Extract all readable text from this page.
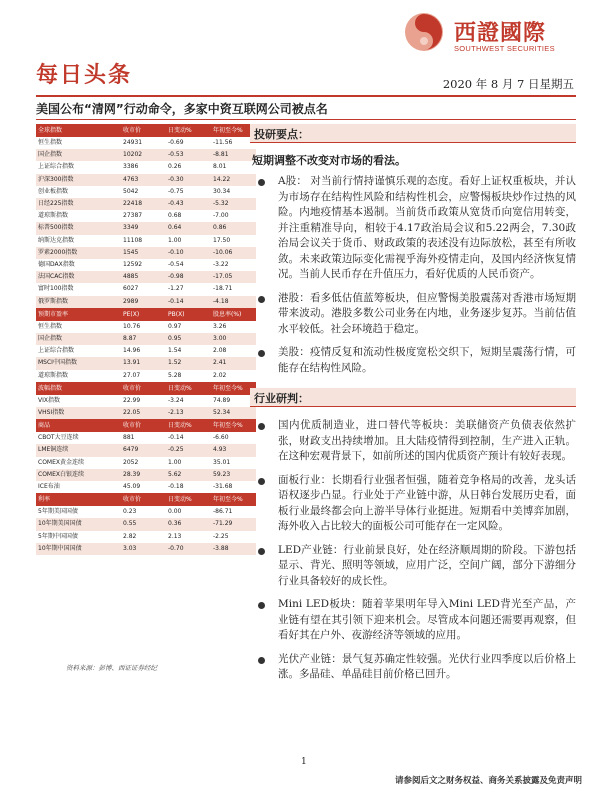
西證國際
SOUTHWEST SECURITIES
每日头条	2020 年 8 月 7 日星期五
美国公布“清网”行动命令，多家中资互联网公司被点名
全球指数	收市价	日变动%	年初至今%
恒生指数	24931	-0.69	-11.56
国企指数	10202	-0.53	-8.81
上证综合指数	3386	0.26	8.01
沪深300指数	4763	-0.30	14.22
创业板指数	5042	-0.75	30.34
日经225指数	22418	-0.43	-5.32
道琼斯指数	27387	0.68	-7.00
标普500指数	3349	0.64	0.86
纳斯达克指数	11108	1.00	17.50
罗素2000指数	1545	-0.10	-10.06
德国DAX指数	12592	-0.54	-3.22
法国CAC指数	4885	-0.98	-17.05
富时100指数	6027	-1.27	-18.71
俄罗斯指数	2989	-0.14	-4.18
预期市盈率	PE(X)	PB(X)	股息率(%)
恒生指数	10.76	0.97	3.26
国企指数	8.87	0.95	3.00
上证综合指数	14.96	1.54	2.08
MSCI中国指数	13.91	1.52	2.41
道琼斯指数	27.07	5.28	2.02
波幅指数	收市价	日变动%	年初至今%
VIX指数	22.99	-3.24	74.89
VHSI指数	22.05	-2.13	52.34
商品	收市价	日变动%	年初至今%
CBOT大豆连续	881	-0.14	-6.60
LME铜连续	6479	-0.25	4.93
COMEX黄金连续	2052	1.00	35.01
COMEX白银连续	28.39	5.62	59.23
ICE布油	45.09	-0.18	-31.68
利率	收市价	日变动%	年初至今%
5年期美国国债	0.23	0.00	-86.71
10年期美国国债	0.55	0.36	-71.29
5年期中国国债	2.82	2.13	-2.25
10年期中国国债	3.03	-0.70	-3.88
资料来源：彭博、西证证券经纪
投研要点：
短期调整不改变对市场的看法。
A股： 对当前行情持谨慎乐观的态度。看好上证权重板块，并认为市场存在结构性风险和结构性机会，应警惕板块炒作过热的风险。内地疫情基本遏制。当前货币政策从宽货币向宽信用转变，并注重精准导向，相较于4.17政治局会议和5.22两会，7.30政治局会议关于货币、财政政策的表述没有边际放松，甚至有所收敛。未来政策边际变化需视乎海外疫情走向，及国内经济恢复情况。当前人民币存在升值压力，看好优质的人民币资产。
港股：看多低估值蓝筹板块，但应警惕美股震荡对香港市场短期带来波动。港股多数公司业务在内地，业务逐步复苏。当前估值水平较低。社会环境趋于稳定。
美股：疫情反复和流动性极度宽松交织下，短期呈震荡行情，可能存在结构性风险。
行业研判：
国内优质制造业，进口替代等板块：美联储资产负债表依然扩张，财政支出持续增加。且大陆疫情得到控制，生产进入正轨。在这种宏观背景下，如前所述的国内优质资产预计有较好表现。
面板行业：长期看行业强者恒强，随着竞争格局的改善，龙头话语权逐步凸显。行业处于产业链中游，从日韩台发展历史看，面板行业最终都会向上游半导体行业挺进。短期看中美博弈加剧，海外收入占比较大的面板公司可能存在一定风险。
LED产业链：行业前景良好，处在经济顺周期的阶段。下游包括显示、背光、照明等领域，应用广泛，空间广阔，部分下游细分行业具备较好的成长性。
Mini LED板块：随着苹果明年导入Mini LED背光至产品，产业链有望在其引领下迎来机会。尽管成本问题还需要再观察，但看好其在户外、夜游经济等领域的应用。
光伏产业链：景气复苏确定性较强。光伏行业四季度以后价格上涨。多晶硅、单晶硅目前价格已回升。
1
请参阅后文之财务权益、商务关系披露及免责声明
